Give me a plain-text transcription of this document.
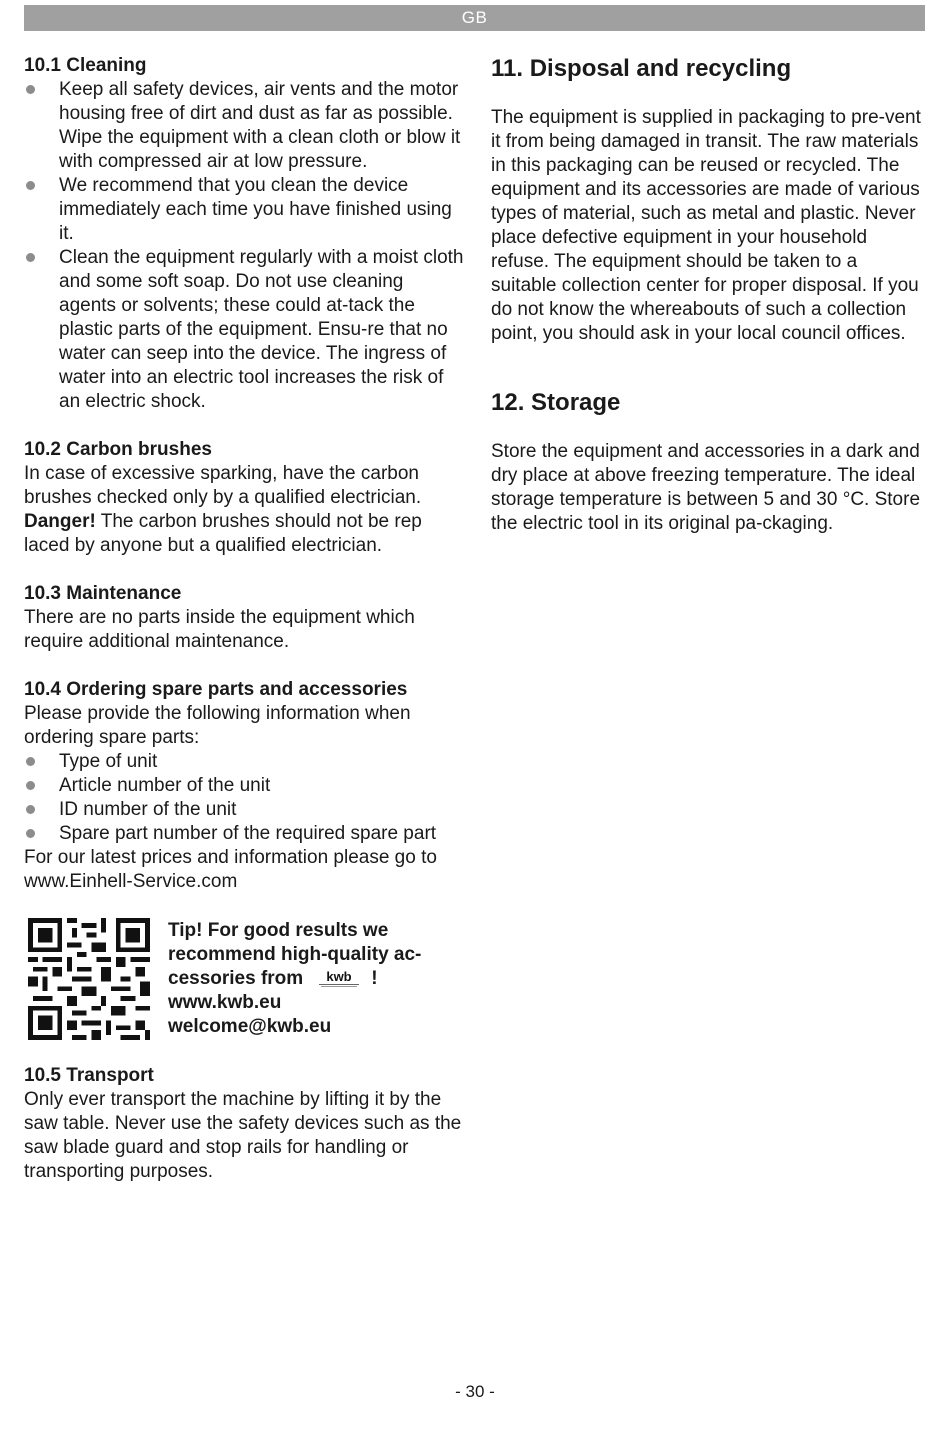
GB

10.1 Cleaning

Keep all safety devices, air vents and the motor housing free of dirt and dust as far as possible. Wipe the equipment with a clean cloth or blow it with compressed air at low pressure.
We recommend that you clean the device immediately each time you have finished using it.
Clean the equipment regularly with a moist cloth and some soft soap. Do not use cleaning agents or solvents; these could at-tack the plastic parts of the equipment. Ensu-re that no water can seep into the device. The ingress of water into an electric tool increases the risk of an electric shock.

10.2 Carbon brushes

In case of excessive sparking, have the carbon brushes checked only by a qualified electrician. Danger! The carbon brushes should not be rep laced by anyone but a qualified electrician.

10.3 Maintenance

There are no parts inside the equipment which require additional maintenance.

10.4 Ordering spare parts and accessories

Please provide the following information when ordering spare parts:

Type of unit
Article number of the unit
ID number of the unit
Spare part number of the required spare part

For our latest prices and information please go to

www.Einhell-Service.com

Tip! For good results we
recommend high-quality ac-
cessories from kwb !
www.kwb.eu
welcome@kwb.eu

10.5 Transport

Only ever transport the machine by lifting it by the saw table. Never use the safety devices such as the saw blade guard and stop rails for handling or transporting purposes.

11. Disposal and recycling

The equipment is supplied in packaging to pre-vent it from being damaged in transit. The raw materials in this packaging can be reused or recycled. The equipment and its accessories are made of various types of material, such as metal and plastic. Never place defective equipment in your household refuse. The equipment should be taken to a suitable collection center for proper disposal. If you do not know the whereabouts of such a collection point, you should ask in your local council offices.

12. Storage

Store the equipment and accessories in a dark and dry place at above freezing temperature. The ideal storage temperature is between 5 and 30 °C. Store the electric tool in its original pa-ckaging.

- 30 -
